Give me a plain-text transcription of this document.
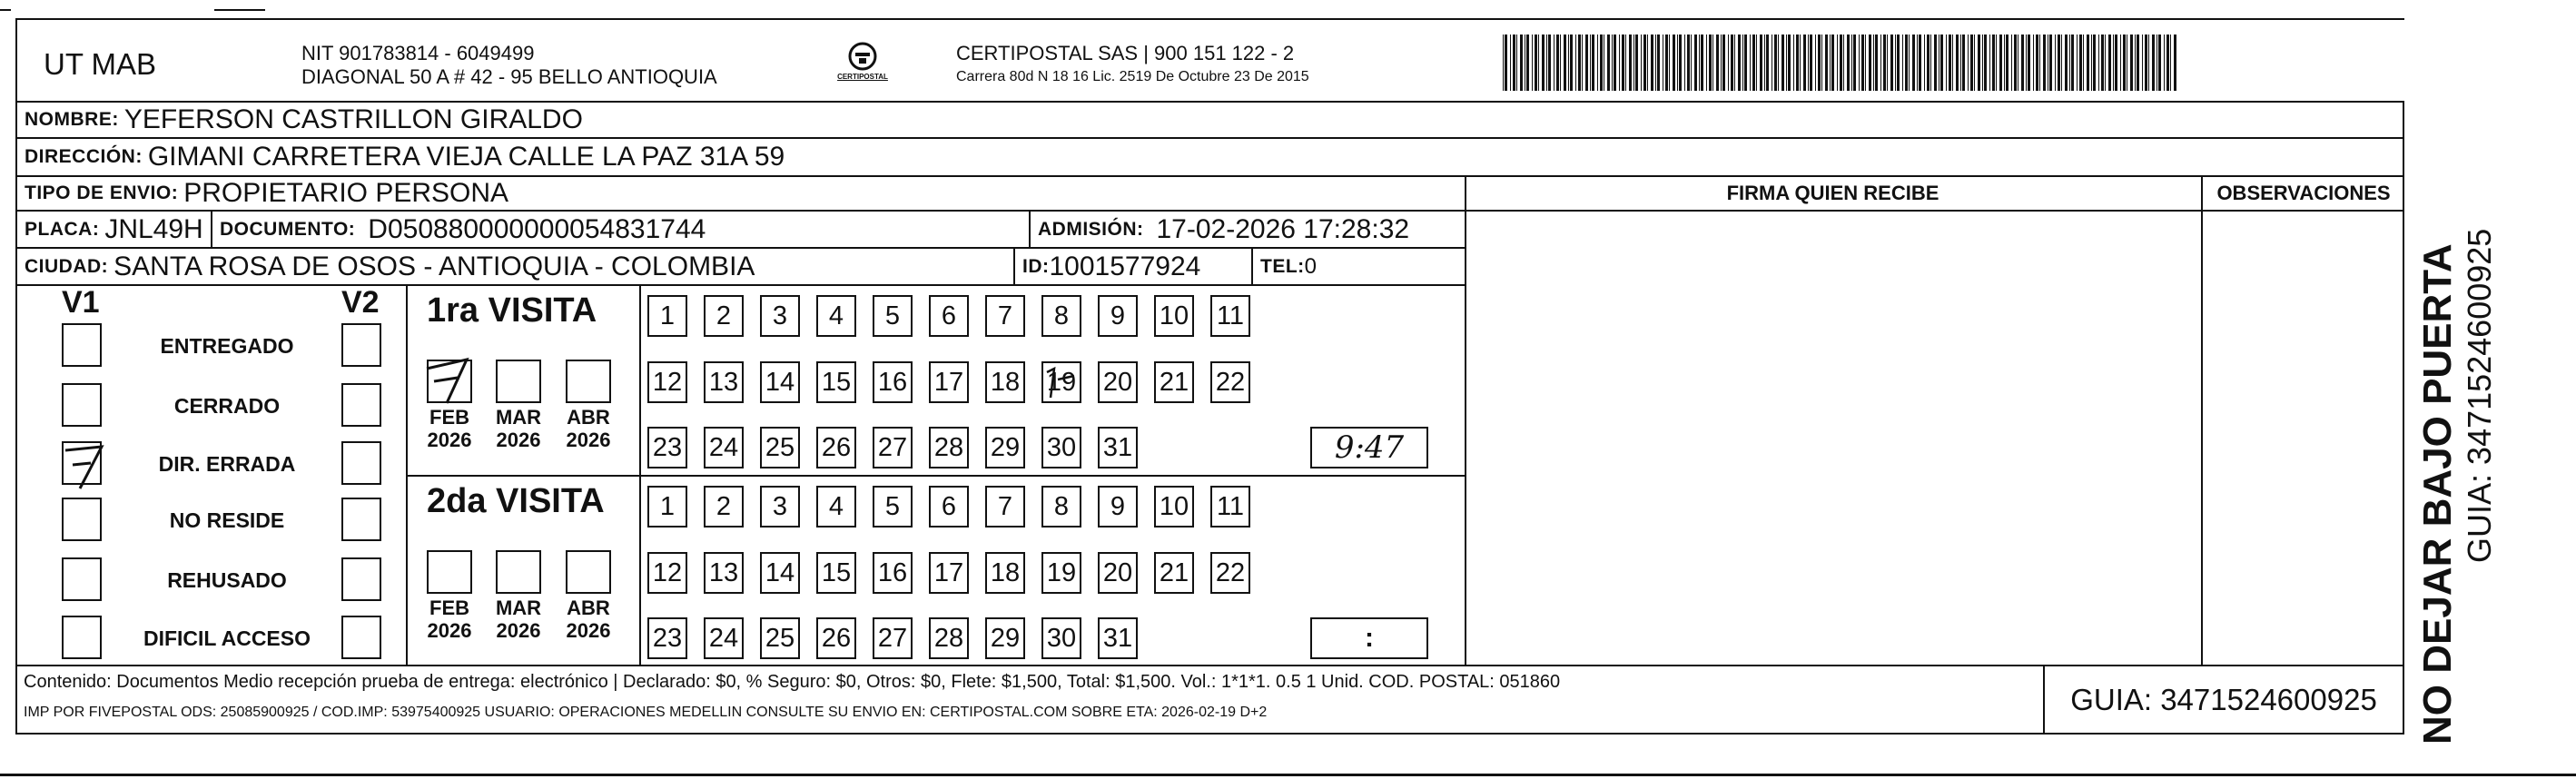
UT MAB	NIT 901783814 - 6049499
DIAGONAL 50 A # 42 - 95 BELLO ANTIOQUIA	CERTIPOSTAL
CERTIPOSTAL SAS | 900 151 122 - 2
Carrera 80d N 18 16 Lic. 2519 De Octubre 23 De 2015
NOMBRE: YEFERSON CASTRILLON GIRALDO
DIRECCIÓN: GIMANI CARRETERA VIEJA CALLE LA PAZ 31A 59
TIPO DE ENVIO: PROPIETARIO PERSONA
PLACA: JNL49H DOCUMENTO: D050880000000054831744	ADMISIÓN: 17-02-2026 17:28:32
CIUDAD: SANTA ROSA DE OSOS - ANTIOQUIA - COLOMBIA	ID: 1001577924	TEL: 0
FIRMA QUIEN RECIBE	OBSERVACIONES
V1	V2
ENTREGADO
CERRADO
DIR. ERRADA
NO RESIDE
REHUSADO
DIFICIL ACCESO
1ra VISITA
FEB
2026
MAR
2026
ABR
2026
1	2	3	4	5	6	7	8	9	10 11
12 13 14 15 16 17 18 19 20 21 22
23 24 25 26 27 28 29 30 31	9:47
2da VISITA
FEB
2026
MAR
2026
ABR
2026
1	2	3	4	5	6	7	8	9	10 11
12 13 14 15 16 17 18 19 20 21 22
23 24 25 26 27 28 29 30 31	:
Contenido: Documentos Medio recepción prueba de entrega: electrónico | Declarado: $0, % Seguro: $0, Otros: $0, Flete: $1,500, Total: $1,500. Vol.: 1*1*1. 0.5 1 Unid. COD. POSTAL: 051860
IMP POR FIVEPOSTAL ODS: 25085900925 / COD.IMP: 53975400925 USUARIO: OPERACIONES MEDELLIN CONSULTE SU ENVIO EN: CERTIPOSTAL.COM SOBRE ETA: 2026-02-19 D+2	GUIA: 3471524600925 NO DEJAR BAJO PUERTA GUIA: 3471524600925
